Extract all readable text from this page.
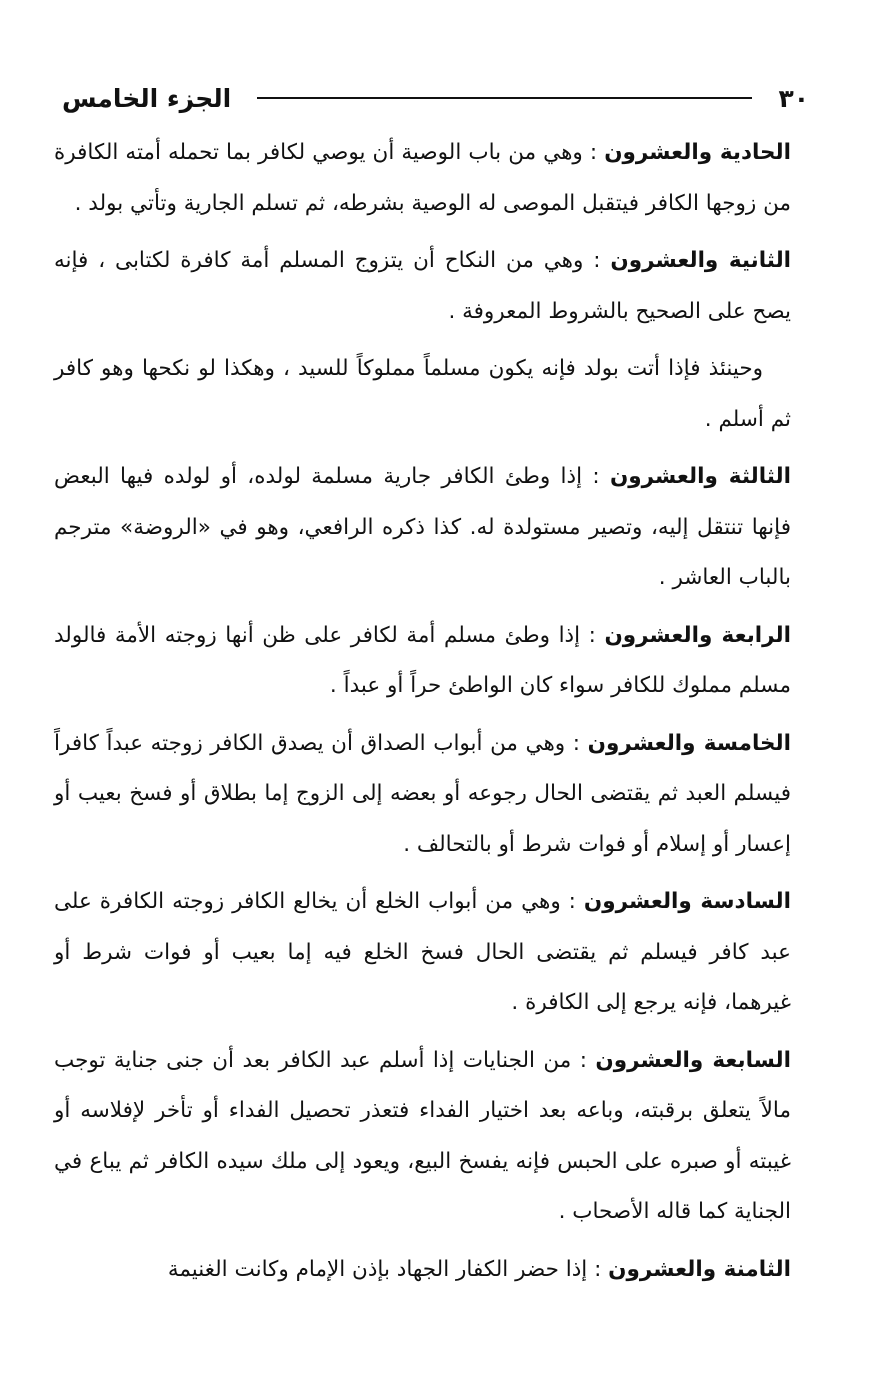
٣٠
الجزء الخامس

الحادية والعشرون : وهي من باب الوصية أن يوصي لكافر بما تحمله أمته الكافرة من زوجها الكافر فيتقبل الموصى له الوصية بشرطه، ثم تسلم الجارية وتأتي بولد .

الثانية والعشرون : وهي من النكاح أن يتزوج المسلم أمة كافرة لكتابى ، فإنه يصح على الصحيح بالشروط المعروفة .

وحينئذ فإذا أتت بولد فإنه يكون مسلماً مملوكاً للسيد ، وهكذا لو نكحها وهو كافر ثم أسلم .

الثالثة والعشرون : إذا وطئ الكافر جارية مسلمة لولده، أو لولده فيها البعض فإنها تنتقل إليه، وتصير مستولدة له. كذا ذكره الرافعي، وهو في «الروضة» مترجم بالباب العاشر .

الرابعة والعشرون : إذا وطئ مسلم أمة لكافر على ظن أنها زوجته الأمة فالولد مسلم مملوك للكافر سواء كان الواطئ حراً أو عبداً .

الخامسة والعشرون : وهي من أبواب الصداق أن يصدق الكافر زوجته عبداً كافراً فيسلم العبد ثم يقتضى الحال رجوعه أو بعضه إلى الزوج إما بطلاق أو فسخ بعيب أو إعسار أو إسلام أو فوات شرط أو بالتحالف .

السادسة والعشرون : وهي من أبواب الخلع أن يخالع الكافر زوجته الكافرة على عبد كافر فيسلم ثم يقتضى الحال فسخ الخلع فيه إما بعيب أو فوات شرط أو غيرهما، فإنه يرجع إلى الكافرة .

السابعة والعشرون : من الجنايات إذا أسلم عبد الكافر بعد أن جنى جناية توجب مالاً يتعلق برقبته، وباعه بعد اختيار الفداء فتعذر تحصيل الفداء أو تأخر لإفلاسه أو غيبته أو صبره على الحبس فإنه يفسخ البيع، ويعود إلى ملك سيده الكافر ثم يباع في الجناية كما قاله الأصحاب .

الثامنة والعشرون : إذا حضر الكفار الجهاد بإذن الإمام وكانت الغنيمة
